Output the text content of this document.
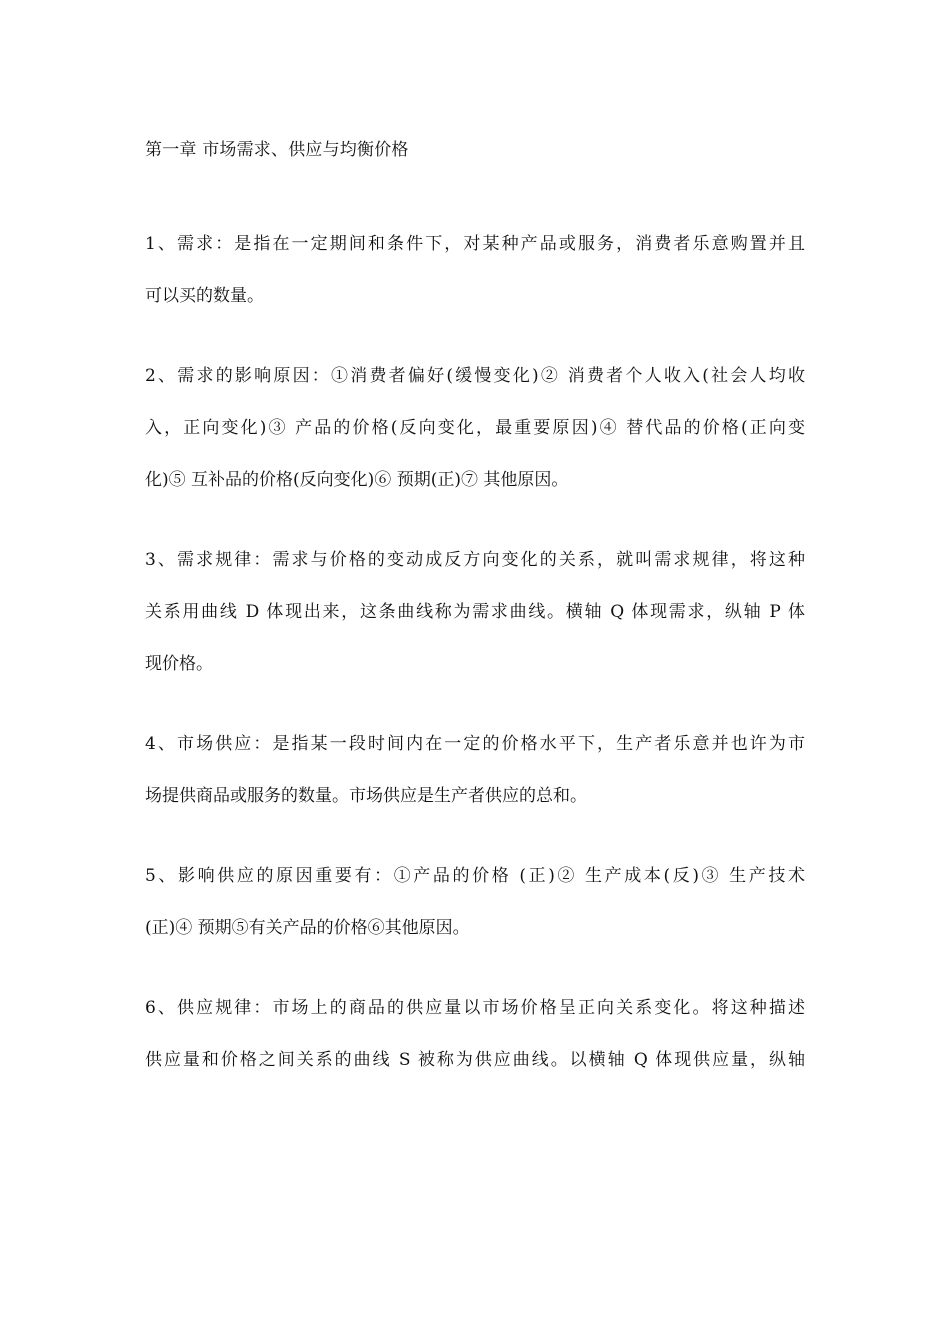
第一章 市场需求、供应与均衡价格
1、需求：是指在一定期间和条件下，对某种产品或服务，消费者乐意购置并且
可以买的数量。
2、需求的影响原因：①消费者偏好(缓慢变化)② 消费者个人收入(社会人均收
入，正向变化)③ 产品的价格(反向变化，最重要原因)④ 替代品的价格(正向变
化)⑤ 互补品的价格(反向变化)⑥ 预期(正)⑦ 其他原因。
3、需求规律：需求与价格的变动成反方向变化的关系，就叫需求规律，将这种
关系用曲线 D 体现出来，这条曲线称为需求曲线。横轴 Q 体现需求，纵轴 P 体
现价格。
4、市场供应：是指某一段时间内在一定的价格水平下，生产者乐意并也许为市
场提供商品或服务的数量。市场供应是生产者供应的总和。
5、影响供应的原因重要有：①产品的价格 (正)② 生产成本(反)③ 生产技术
(正)④ 预期⑤有关产品的价格⑥其他原因。
6、供应规律：市场上的商品的供应量以市场价格呈正向关系变化。将这种描述
供应量和价格之间关系的曲线 S 被称为供应曲线。以横轴 Q 体现供应量，纵轴
